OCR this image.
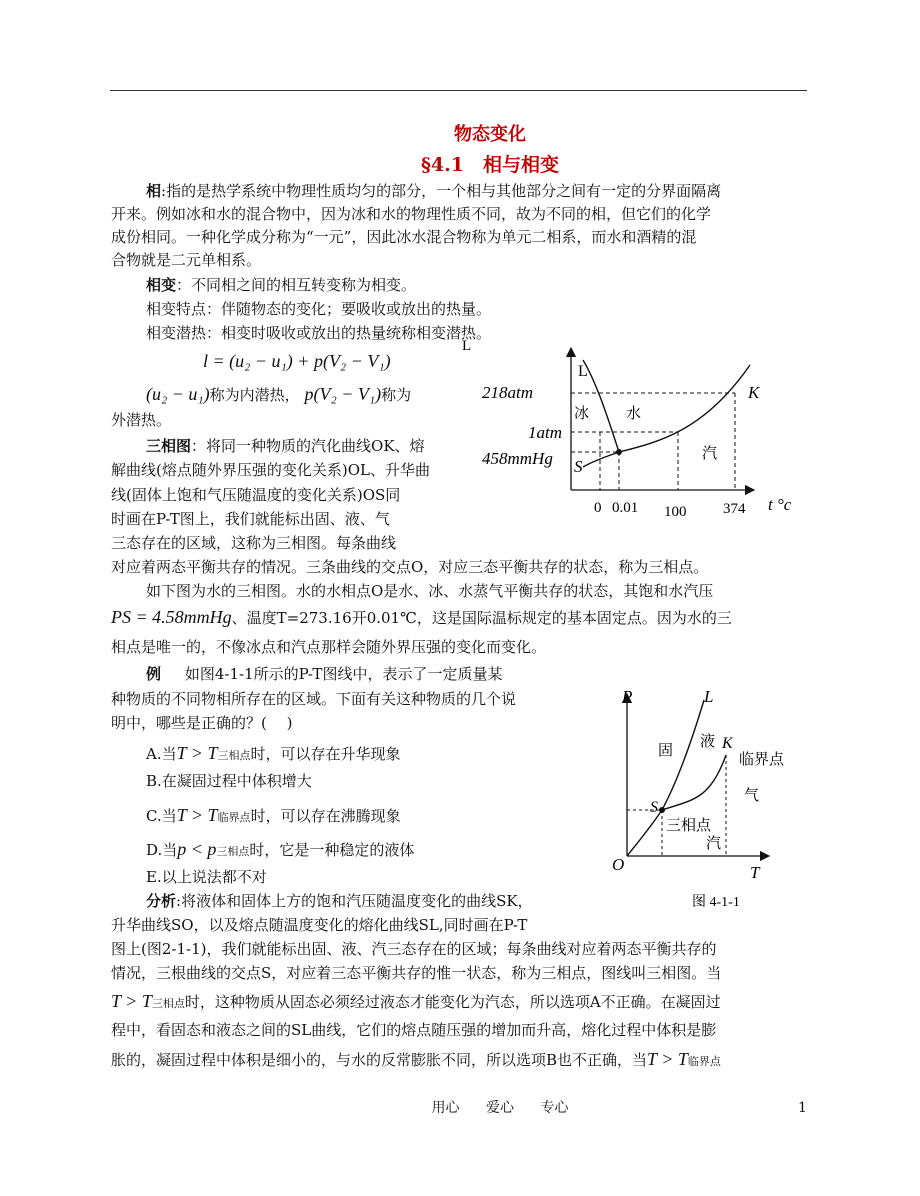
物态变化
§4.1　相与相变
相:指的是热学系统中物理性质均匀的部分，一个相与其他部分之间有一定的分界面隔离
开来。例如冰和水的混合物中，因为冰和水的物理性质不同，故为不同的相，但它们的化学
成份相同。一种化学成分称为“一元”，因此冰水混合物称为单元二相系，而水和酒精的混
合物就是二元单相系。
相变：不同相之间的相互转变称为相变。
相变特点：伴随物态的变化；要吸收或放出的热量。
相变潜热：相变时吸收或放出的热量统称相变潜热。
l = (u₂ − u₁) + p(V₂ − V₁)
(u₂ − u₁)称为内潜热， p(V₂ − V₁)称为
外潜热。
三相图：将同一种物质的汽化曲线OK、熔
解曲线(熔点随外界压强的变化关系)OL、升华曲
线(固体上饱和气压随温度的变化关系)OS同
时画在P-T图上，我们就能标出固、液、气
三态存在的区域，这称为三相图。每条曲线
对应着两态平衡共存的情况。三条曲线的交点O，对应三态平衡共存的状态，称为三相点。
如下图为水的三相图。水的水相点O是水、冰、水蒸气平衡共存的状态，其饱和水汽压
PS = 4.58mmHg、温度T=273.16开0.01℃，这是国际温标规定的基本固定点。因为水的三
相点是唯一的，不像冰点和汽点那样会随外界压强的变化而变化。
例 如图4-1-1所示的P-T图线中，表示了一定质量某
种物质的不同物相所存在的区域。下面有关这种物质的几个说
明中，哪些是正确的？(　 )
A.当T > T三相点时，可以存在升华现象
B.在凝固过程中体积增大
C.当T > T临界点时，可以存在沸腾现象
D.当p < p三相点时，它是一种稳定的液体
E.以上说法都不对
分析:将液体和固体上方的饱和汽压随温度变化的曲线SK，
升华曲线SO，以及熔点随温度变化的熔化曲线SL,同时画在P-T
图上(图2-1-1)，我们就能标出固、液、汽三态存在的区域；每条曲线对应着两态平衡共存的
情况，三根曲线的交点S，对应着三态平衡共存的惟一状态，称为三相点，图线叫三相图。当
T > T三相点时，这种物质从固态必须经过液态才能变化为汽态，所以选项A不正确。在凝固过
程中，看固态和液态之间的SL曲线，它们的熔点随压强的增加而升高，熔化过程中体积是膨
胀的，凝固过程中体积是细小的，与水的反常膨胀不同，所以选项B也不正确，当T > T临界点
L
L
218atm	K
冰 水
1atm
458mmHg	汽
S
0 0.01 100 374 t °c
P	L
固
液 K
临界点
气
S
三相点
汽
O	T
图 4-1-1
用心 爱心 专心	1
